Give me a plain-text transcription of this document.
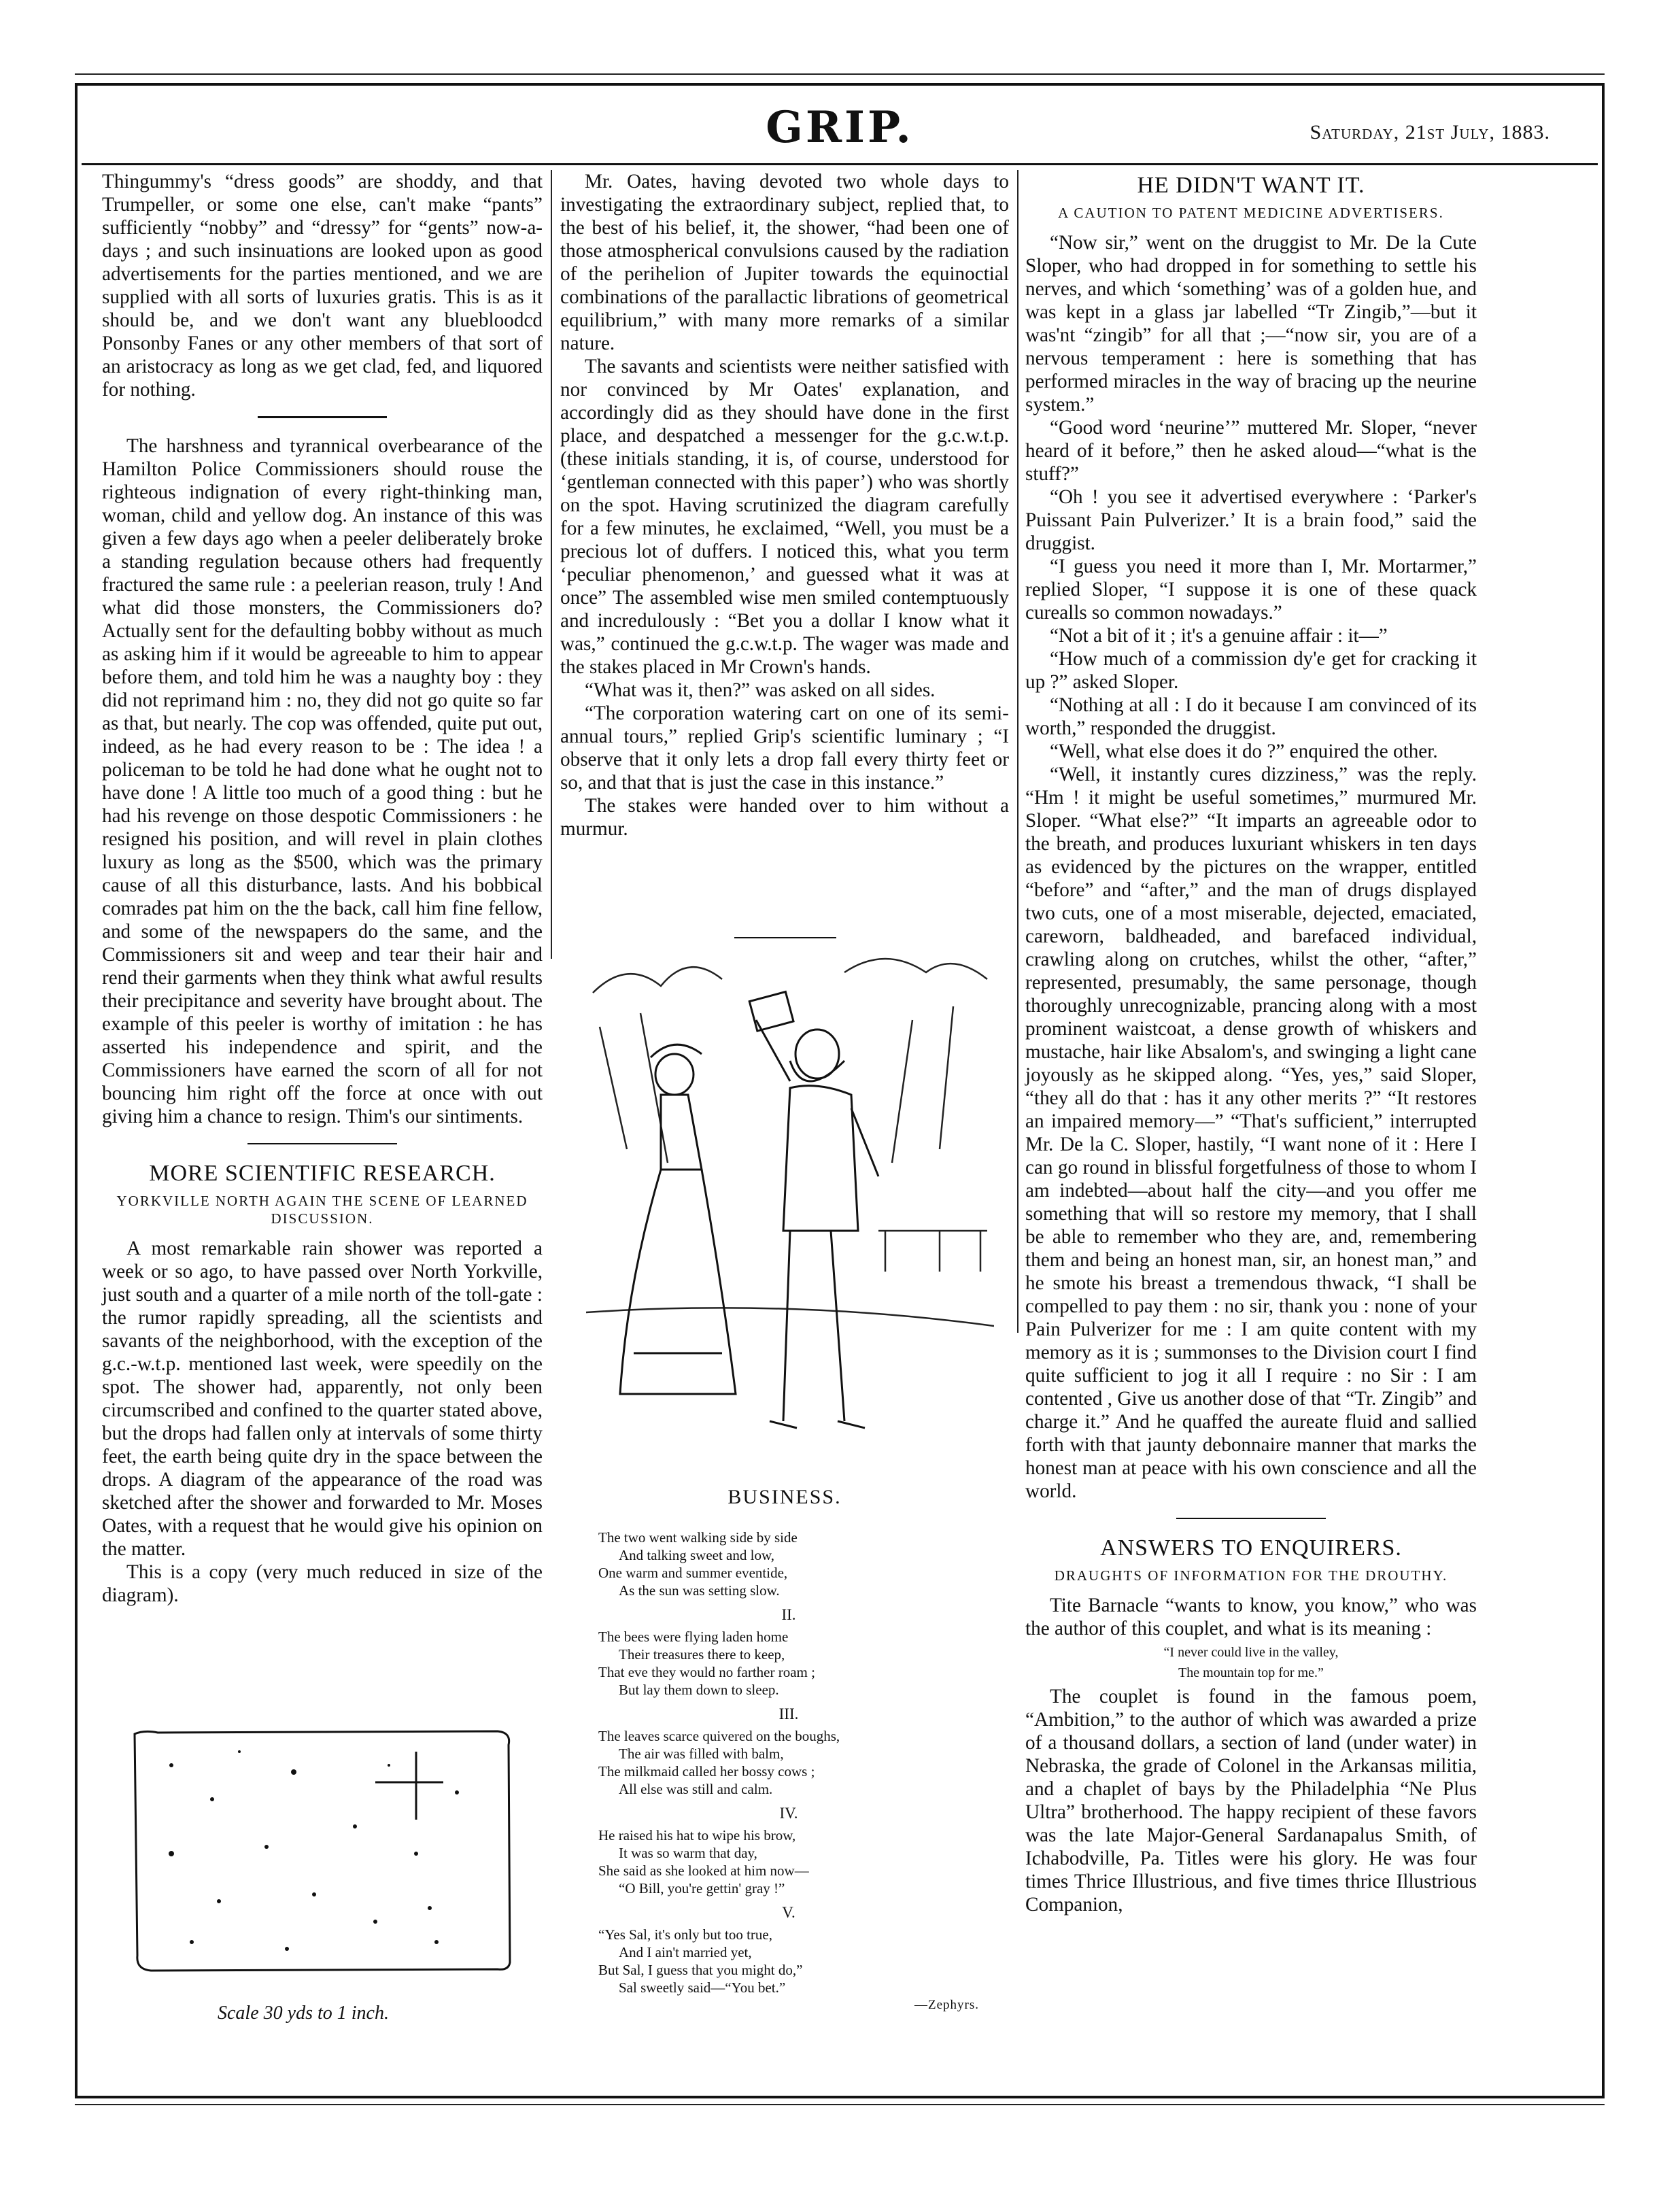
GRIP.	Saturday, 21st July, 1883.

Thingummy's “dress goods” are shoddy, and that Trumpeller, or some one else, can't make “pants” sufficiently “nobby” and “dressy” for “gents” now-a-days ; and such insinuations are looked upon as good advertisements for the parties mentioned, and we are supplied with all sorts of luxuries gratis. This is as it should be, and we don't want any bluebloodcd Ponsonby Fanes or any other members of that sort of an aristocracy as long as we get clad, fed, and liquored for nothing.

The harshness and tyrannical overbearance of the Hamilton Police Commissioners should rouse the righteous indignation of every right-thinking man, woman, child and yellow dog. An instance of this was given a few days ago when a peeler deliberately broke a standing regulation because others had frequently fractured the same rule : a peelerian reason, truly ! And what did those monsters, the Commissioners do? Actually sent for the defaulting bobby without as much as asking him if it would be agreeable to him to appear before them, and told him he was a naughty boy : they did not reprimand him : no, they did not go quite so far as that, but nearly. The cop was offended, quite put out, indeed, as he had every reason to be : The idea ! a policeman to be told he had done what he ought not to have done ! A little too much of a good thing : but he had his revenge on those despotic Commissioners : he resigned his position, and will revel in plain clothes luxury as long as the $500, which was the primary cause of all this disturbance, lasts. And his bobbical comrades pat him on the the back, call him fine fellow, and some of the newspapers do the same, and the Commissioners sit and weep and tear their hair and rend their garments when they think what awful results their precipitance and severity have brought about. The example of this peeler is worthy of imitation : he has asserted his independence and spirit, and the Commissioners have earned the scorn of all for not bouncing him right off the force at once with out giving him a chance to resign. Thim's our sintiments.

MORE SCIENTIFIC RESEARCH.
YORKVILLE NORTH AGAIN THE SCENE OF LEARNED DISCUSSION.

A most remarkable rain shower was reported a week or so ago, to have passed over North Yorkville, just south and a quarter of a mile north of the toll-gate : the rumor rapidly spreading, all the scientists and savants of the neighborhood, with the exception of the g.c.-w.t.p. mentioned last week, were speedily on the spot. The shower had, apparently, not only been circumscribed and confined to the quarter stated above, but the drops had fallen only at intervals of some thirty feet, the earth being quite dry in the space between the drops. A diagram of the appearance of the road was sketched after the shower and forwarded to Mr. Moses Oates, with a request that he would give his opinion on the matter.

This is a copy (very much reduced in size of the diagram).

Scale 30 yds to 1 inch.

Mr. Oates, having devoted two whole days to investigating the extraordinary subject, replied that, to the best of his belief, it, the shower, “had been one of those atmospherical convulsions caused by the radiation of the perihelion of Jupiter towards the equinoctial combinations of the parallactic librations of geometrical equilibrium,” with many more remarks of a similar nature.

The savants and scientists were neither satisfied with nor convinced by Mr Oates' explanation, and accordingly did as they should have done in the first place, and despatched a messenger for the g.c.w.t.p. (these initials standing, it is, of course, understood for ‘gentleman connected with this paper’) who was shortly on the spot. Having scrutinized the diagram carefully for a few minutes, he exclaimed, “Well, you must be a precious lot of duffers. I noticed this, what you term ‘peculiar phenomenon,’ and guessed what it was at once” The assembled wise men smiled contemptuously and incredulously : “Bet you a dollar I know what it was,” continued the g.c.w.t.p. The wager was made and the stakes placed in Mr Crown's hands.

“What was it, then?” was asked on all sides.

“The corporation watering cart on one of its semi-annual tours,” replied Grip's scientific luminary ; “I observe that it only lets a drop fall every thirty feet or so, and that that is just the case in this instance.”

The stakes were handed over to him without a murmur.

BUSINESS.
The two went walking side by side
And talking sweet and low,
One warm and summer eventide,
As the sun was setting slow.
II.
The bees were flying laden home
Their treasures there to keep,
That eve they would no farther roam ;
But lay them down to sleep.
III.
The leaves scarce quivered on the boughs,
The air was filled with balm,
The milkmaid called her bossy cows ;
All else was still and calm.
IV.
He raised his hat to wipe his brow,
It was so warm that day,
She said as she looked at him now—
“O Bill, you're gettin' gray !”
V.
“Yes Sal, it's only but too true,
And I ain't married yet,
But Sal, I guess that you might do,”
Sal sweetly said—“You bet.”
—Zephyrs.
HE DIDN'T WANT IT.
A CAUTION TO PATENT MEDICINE ADVERTISERS.

“Now sir,” went on the druggist to Mr. De la Cute Sloper, who had dropped in for something to settle his nerves, and which ‘something’ was of a golden hue, and was kept in a glass jar labelled “Tr Zingib,”—but it was'nt “zingib” for all that ;—“now sir, you are of a nervous temperament : here is something that has performed miracles in the way of bracing up the neurine system.”

“Good word ‘neurine’” muttered Mr. Sloper, “never heard of it before,” then he asked aloud—“what is the stuff?”

“Oh ! you see it advertised everywhere : ‘Parker's Puissant Pain Pulverizer.’ It is a brain food,” said the druggist.

“I guess you need it more than I, Mr. Mortarmer,” replied Sloper, “I suppose it is one of these quack curealls so common nowadays.”

“Not a bit of it ; it's a genuine affair : it—”

“How much of a commission dy'e get for cracking it up ?” asked Sloper.

“Nothing at all : I do it because I am convinced of its worth,” responded the druggist.

“Well, what else does it do ?” enquired the other.

“Well, it instantly cures dizziness,” was the reply. “Hm ! it might be useful sometimes,” murmured Mr. Sloper. “What else?” “It imparts an agreeable odor to the breath, and produces luxuriant whiskers in ten days as evidenced by the pictures on the wrapper, entitled “before” and “after,” and the man of drugs displayed two cuts, one of a most miserable, dejected, emaciated, careworn, baldheaded, and barefaced individual, crawling along on crutches, whilst the other, “after,” represented, presumably, the same personage, though thoroughly unrecognizable, prancing along with a most prominent waistcoat, a dense growth of whiskers and mustache, hair like Absalom's, and swinging a light cane joyously as he skipped along. “Yes, yes,” said Sloper, “they all do that : has it any other merits ?” “It restores an impaired memory—” “That's sufficient,” interrupted Mr. De la C. Sloper, hastily, “I want none of it : Here I can go round in blissful forgetfulness of those to whom I am indebted—about half the city—and you offer me something that will so restore my memory, that I shall be able to remember who they are, and, remembering them and being an honest man, sir, an honest man,” and he smote his breast a tremendous thwack, “I shall be compelled to pay them : no sir, thank you : none of your Pain Pulverizer for me : I am quite content with my memory as it is ; summonses to the Division court I find quite sufficient to jog it all I require : no Sir : I am contented , Give us another dose of that “Tr. Zingib” and charge it.” And he quaffed the aureate fluid and sallied forth with that jaunty debonnaire manner that marks the honest man at peace with his own conscience and all the world.

ANSWERS TO ENQUIRERS.
DRAUGHTS OF INFORMATION FOR THE DROUTHY.

Tite Barnacle “wants to know, you know,” who was the author of this couplet, and what is its meaning :

“I never could live in the valley,
The mountain top for me.”

The couplet is found in the famous poem, “Ambition,” to the author of which was awarded a prize of a thousand dollars, a section of land (under water) in Nebraska, the grade of Colonel in the Arkansas militia, and a chaplet of bays by the Philadelphia “Ne Plus Ultra” brotherhood. The happy recipient of these favors was the late Major-General Sardanapalus Smith, of Ichabodville, Pa. Titles were his glory. He was four times Thrice Illustrious, and five times thrice Illustrious Companion,
